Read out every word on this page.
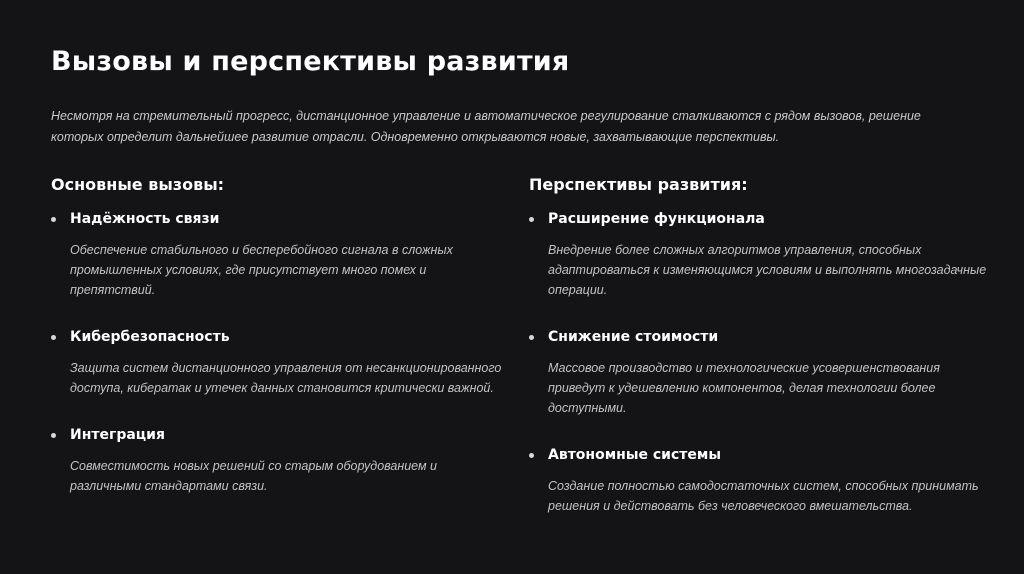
Вызовы и перспективы развития

Несмотря на стремительный прогресс, дистанционное управление и автоматическое регулирование сталкиваются с рядом вызовов, решение которых определит дальнейшее развитие отрасли. Одновременно открываются новые, захватывающие перспективы.

Основные вызовы:
Надёжность связи
Обеспечение стабильного и бесперебойного сигнала в сложных промышленных условиях, где присутствует много помех и препятствий.
Кибербезопасность
Защита систем дистанционного управления от несанкционированного доступа, кибератак и утечек данных становится критически важной.
Интеграция
Совместимость новых решений со старым оборудованием и различными стандартами связи.
Перспективы развития:
Расширение функционала
Внедрение более сложных алгоритмов управления, способных адаптироваться к изменяющимся условиям и выполнять многозадачные операции.
Снижение стоимости
Массовое производство и технологические усовершенствования приведут к удешевлению компонентов, делая технологии более доступными.
Автономные системы
Создание полностью самодостаточных систем, способных принимать решения и действовать без человеческого вмешательства.
